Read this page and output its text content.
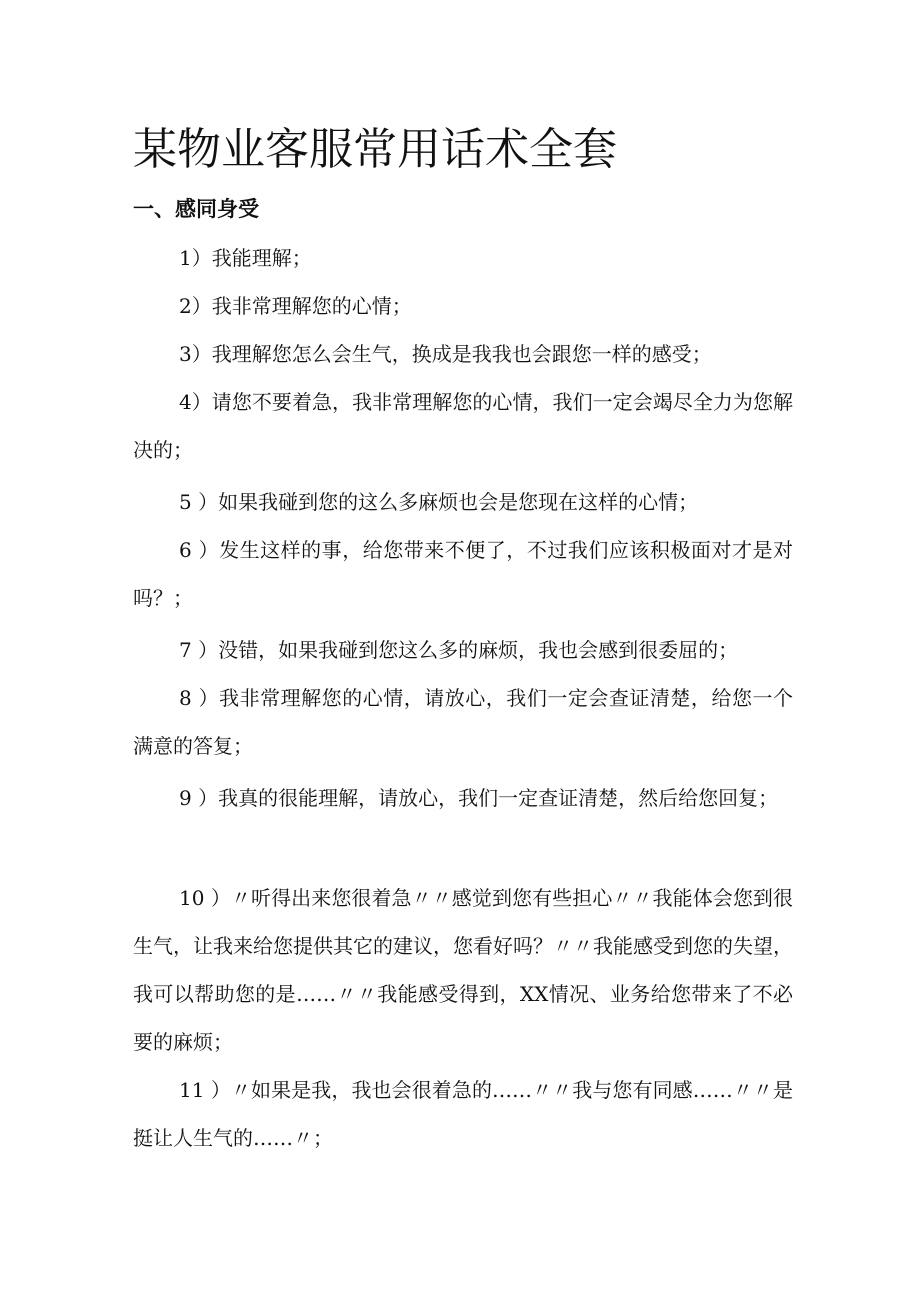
某物业客服常用话术全套
一、感同身受

1）我能理解；

2）我非常理解您的心情；

3）我理解您怎么会生气，换成是我我也会跟您一样的感受；

4）请您不要着急，我非常理解您的心情，我们一定会竭尽全力为您解决的；

5 ）如果我碰到您的这么多麻烦也会是您现在这样的心情；

6 ）发生这样的事，给您带来不便了，不过我们应该积极面对才是对吗？；

7 ）没错，如果我碰到您这么多的麻烦，我也会感到很委屈的；

8 ）我非常理解您的心情，请放心，我们一定会查证清楚，给您一个满意的答复；

9 ）我真的很能理解，请放心，我们一定查证清楚，然后给您回复；

10 ）〃听得出来您很着急〃〃感觉到您有些担心〃〃我能体会您到很生气，让我来给您提供其它的建议，您看好吗？〃〃我能感受到您的失望，我可以帮助您的是……〃〃我能感受得到，XX情况、业务给您带来了不必要的麻烦；

11 ）〃如果是我，我也会很着急的……〃〃我与您有同感……〃〃是挺让人生气的……〃；
